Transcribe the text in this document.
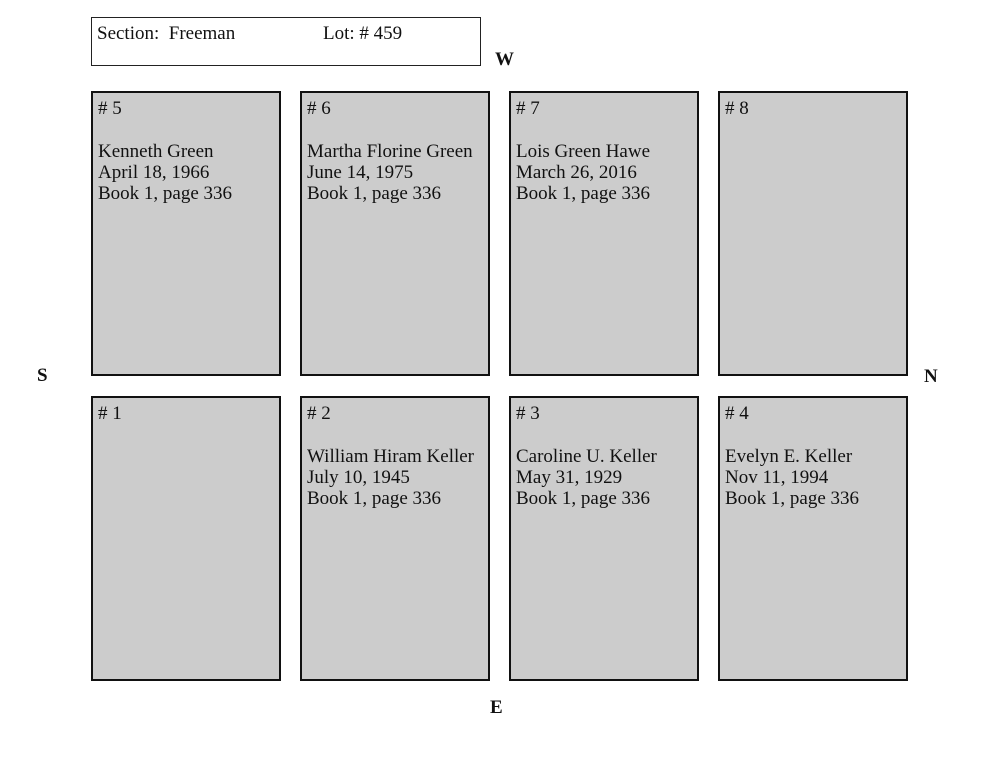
Section:  Freeman	Lot: # 459
W
S	N
E
# 5
Kenneth Green
April 18, 1966
Book 1, page 336
# 6
Martha Florine Green
June 14, 1975
Book 1, page 336
# 7
Lois Green Hawe
March 26, 2016
Book 1, page 336
# 8
# 1	# 2
William Hiram Keller
July 10, 1945
Book 1, page 336
# 3
Caroline U. Keller
May 31, 1929
Book 1, page 336
# 4
Evelyn E. Keller
Nov 11, 1994
Book 1, page 336
